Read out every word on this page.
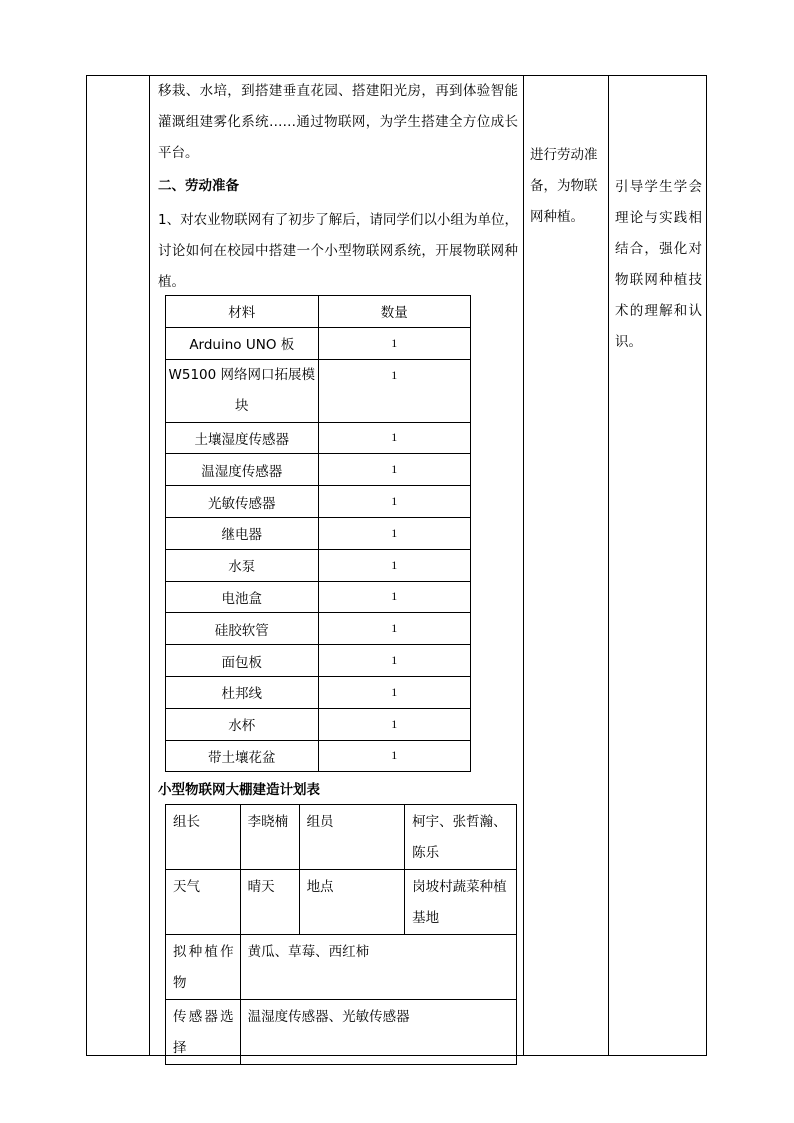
移栽、水培，到搭建垂直花园、搭建阳光房，再到体验智能灌溉组建雾化系统……通过物联网，为学生搭建全方位成长平台。

二、劳动准备

1、对农业物联网有了初步了解后，请同学们以小组为单位，讨论如何在校园中搭建一个小型物联网系统，开展物联网种植。

进行劳动准备，为物联网种植。
引导学生学会理论与实践相结合，强化对物联网种植技术的理解和认识。
材料	数量
Arduino UNO 板	1
W5100 网络网口拓展模块	1
土壤湿度传感器	1
温湿度传感器	1
光敏传感器	1
继电器	1
水泵	1
电池盒	1
硅胶软管	1
面包板	1
杜邦线	1
水杯	1
带土壤花盆	1
小型物联网大棚建造计划表
组长	李晓楠	组员	柯宇、张哲瀚、陈乐
天气	晴天	地点	岗坡村蔬菜种植基地
拟种植作物	黄瓜、草莓、西红柿		
传感器选择	温湿度传感器、光敏传感器		
